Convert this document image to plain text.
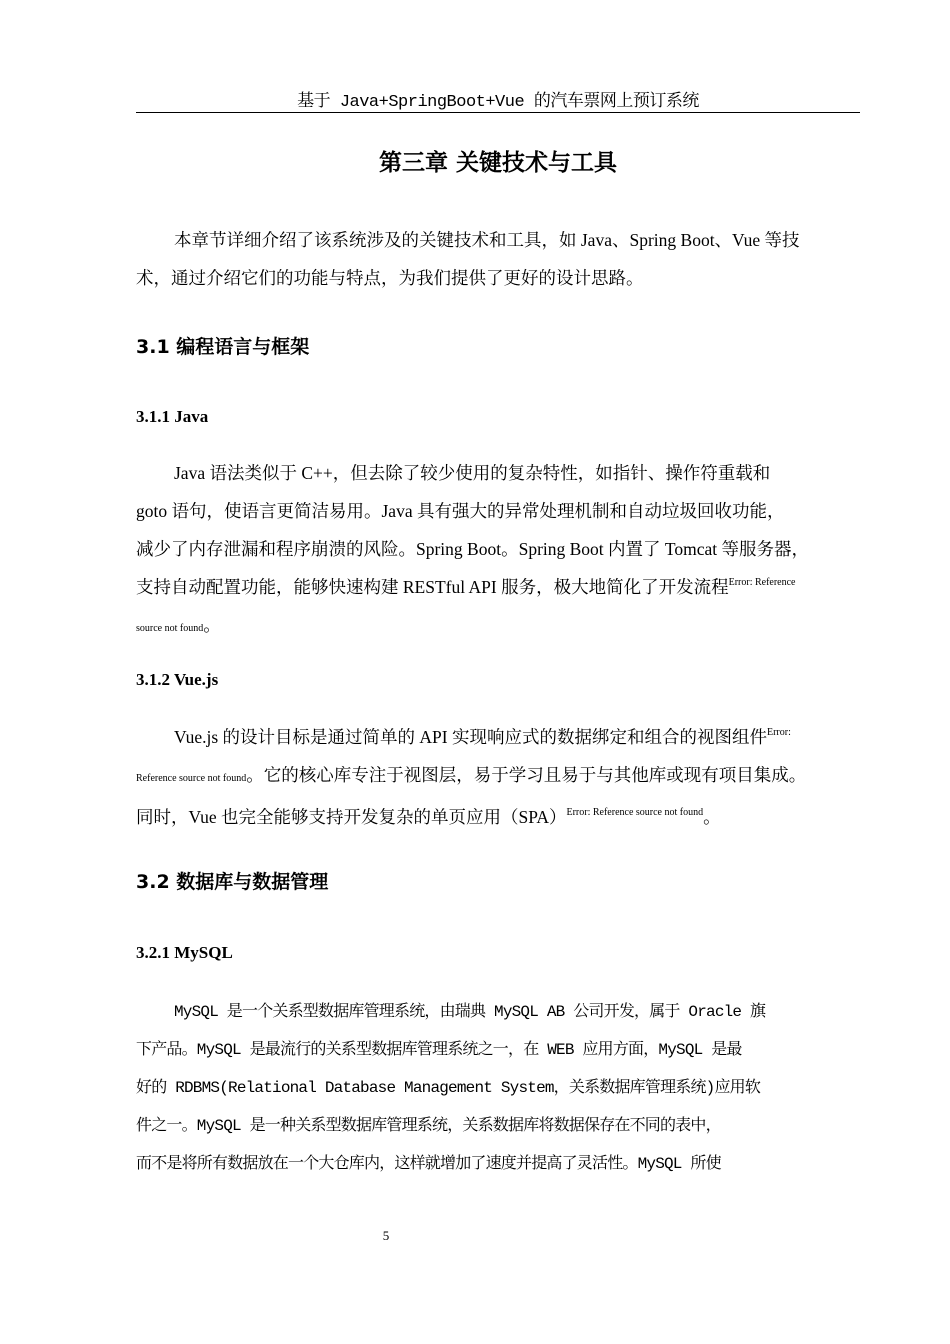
基于 Java+SpringBoot+Vue 的汽车票网上预订系统
第三章 关键技术与工具

本章节详细介绍了该系统涉及的关键技术和工具，如 Java、Spring Boot、Vue 等技
术，通过介绍它们的功能与特点，为我们提供了更好的设计思路。

3.1 编程语言与框架
3.1.1 Java

Java 语法类似于 C++，但去除了较少使用的复杂特性，如指针、操作符重载和
goto 语句，使语言更简洁易用。Java 具有强大的异常处理机制和自动垃圾回收功能，
减少了内存泄漏和程序崩溃的风险。Spring Boot。Spring Boot 内置了 Tomcat 等服务器，
支持自动配置功能，能够快速构建 RESTful API 服务，极大地简化了开发流程$^{Error: Reference}$
source not found。

3.1.2 Vue.js

Vue.js 的设计目标是通过简单的 API 实现响应式的数据绑定和组合的视图组件$^{Error:}$
Reference source not found。它的核心库专注于视图层，易于学习且易于与其他库或现有项目集成。
同时，Vue 也完全能够支持开发复杂的单页应用（SPA）$^{Error: Reference source not found}$。

3.2 数据库与数据管理
3.2.1 MySQL

MySQL 是一个关系型数据库管理系统，由瑞典 MySQL AB 公司开发，属于 Oracle 旗
下产品。MySQL 是最流行的关系型数据库管理系统之一，在 WEB 应用方面，MySQL 是最
好的 RDBMS(Relational Database Management System，关系数据库管理系统)应用软
件之一。MySQL 是一种关系型数据库管理系统，关系数据库将数据保存在不同的表中，
而不是将所有数据放在一个大仓库内，这样就增加了速度并提高了灵活性。MySQL 所使

5
